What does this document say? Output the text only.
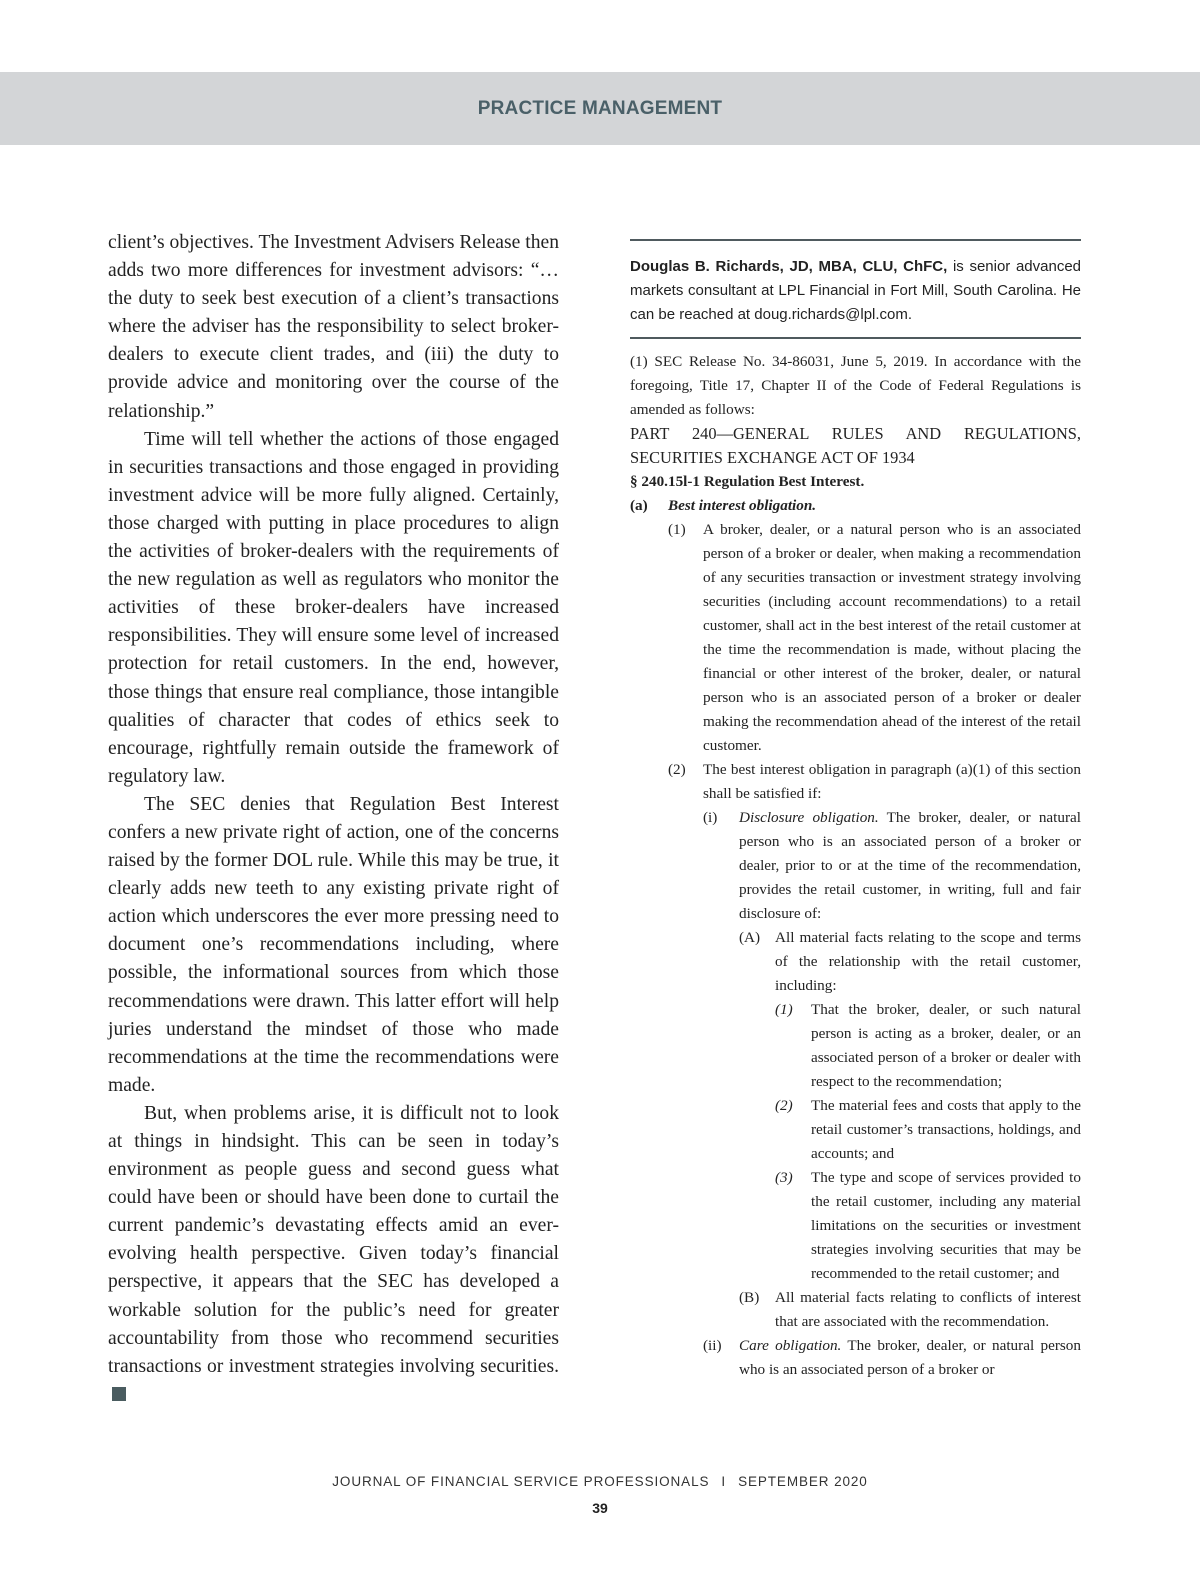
PRACTICE MANAGEMENT

client’s objectives. The Investment Advisers Release then adds two more differences for investment advisors: “… the duty to seek best execution of a client’s transactions where the adviser has the responsibility to select broker-dealers to execute client trades, and (iii) the duty to provide advice and monitoring over the course of the relationship.”

Time will tell whether the actions of those engaged in securities transactions and those engaged in providing investment advice will be more fully aligned. Certainly, those charged with putting in place procedures to align the activities of broker-dealers with the requirements of the new regulation as well as regulators who monitor the activities of these broker-dealers have increased responsibilities. They will ensure some level of increased protection for retail customers. In the end, however, those things that ensure real compliance, those intangible qualities of character that codes of ethics seek to encourage, rightfully remain outside the framework of regulatory law.

The SEC denies that Regulation Best Interest confers a new private right of action, one of the concerns raised by the former DOL rule. While this may be true, it clearly adds new teeth to any existing private right of action which underscores the ever more pressing need to document one’s recommendations including, where possible, the informational sources from which those recommendations were drawn. This latter effort will help juries understand the mindset of those who made recommendations at the time the recommendations were made.

But, when problems arise, it is difficult not to look at things in hindsight. This can be seen in today’s environment as people guess and second guess what could have been or should have been done to curtail the current pandemic’s devastating effects amid an ever-evolving health perspective. Given today’s financial perspective, it appears that the SEC has developed a workable solution for the public’s need for greater accountability from those who recommend securities transactions or investment strategies involving securities.

Douglas B. Richards, JD, MBA, CLU, ChFC, is senior advanced markets consultant at LPL Financial in Fort Mill, South Carolina. He can be reached at doug.richards@lpl.com.
(1) SEC Release No. 34-86031, June 5, 2019. In accordance with the foregoing, Title 17, Chapter II of the Code of Federal Regulations is amended as follows:
PART 240—GENERAL RULES AND REGULATIONS, SECURITIES EXCHANGE ACT OF 1934
§ 240.15l-1 Regulation Best Interest.
(a)	Best interest obligation.
(1)	A broker, dealer, or a natural person who is an associated person of a broker or dealer, when making a recommendation of any securities transaction or investment strategy involving securities (including account recommendations) to a retail customer, shall act in the best interest of the retail customer at the time the recommendation is made, without placing the financial or other interest of the broker, dealer, or natural person who is an associated person of a broker or dealer making the recommendation ahead of the interest of the retail customer.
(2)	The best interest obligation in paragraph (a)(1) of this section shall be satisfied if:
(i)	Disclosure obligation. The broker, dealer, or natural person who is an associated person of a broker or dealer, prior to or at the time of the recommendation, provides the retail customer, in writing, full and fair disclosure of:
(A) All material facts relating to the scope and terms of the relationship with the retail customer, including:
(1)	That the broker, dealer, or such natural person is acting as a broker, dealer, or an associated person of a broker or dealer with respect to the recommendation;
(2)	The material fees and costs that apply to the retail customer’s transactions, holdings, and accounts; and
(3)	The type and scope of services provided to the retail customer, including any material limitations on the securities or investment strategies involving securities that may be recommended to the retail customer; and
(B)	All material facts relating to conflicts of interest that are associated with the recommendation.
(ii)	Care obligation. The broker, dealer, or natural person who is an associated person of a broker or
JOURNAL OF FINANCIAL SERVICE PROFESSIONALS I SEPTEMBER 2020
39
